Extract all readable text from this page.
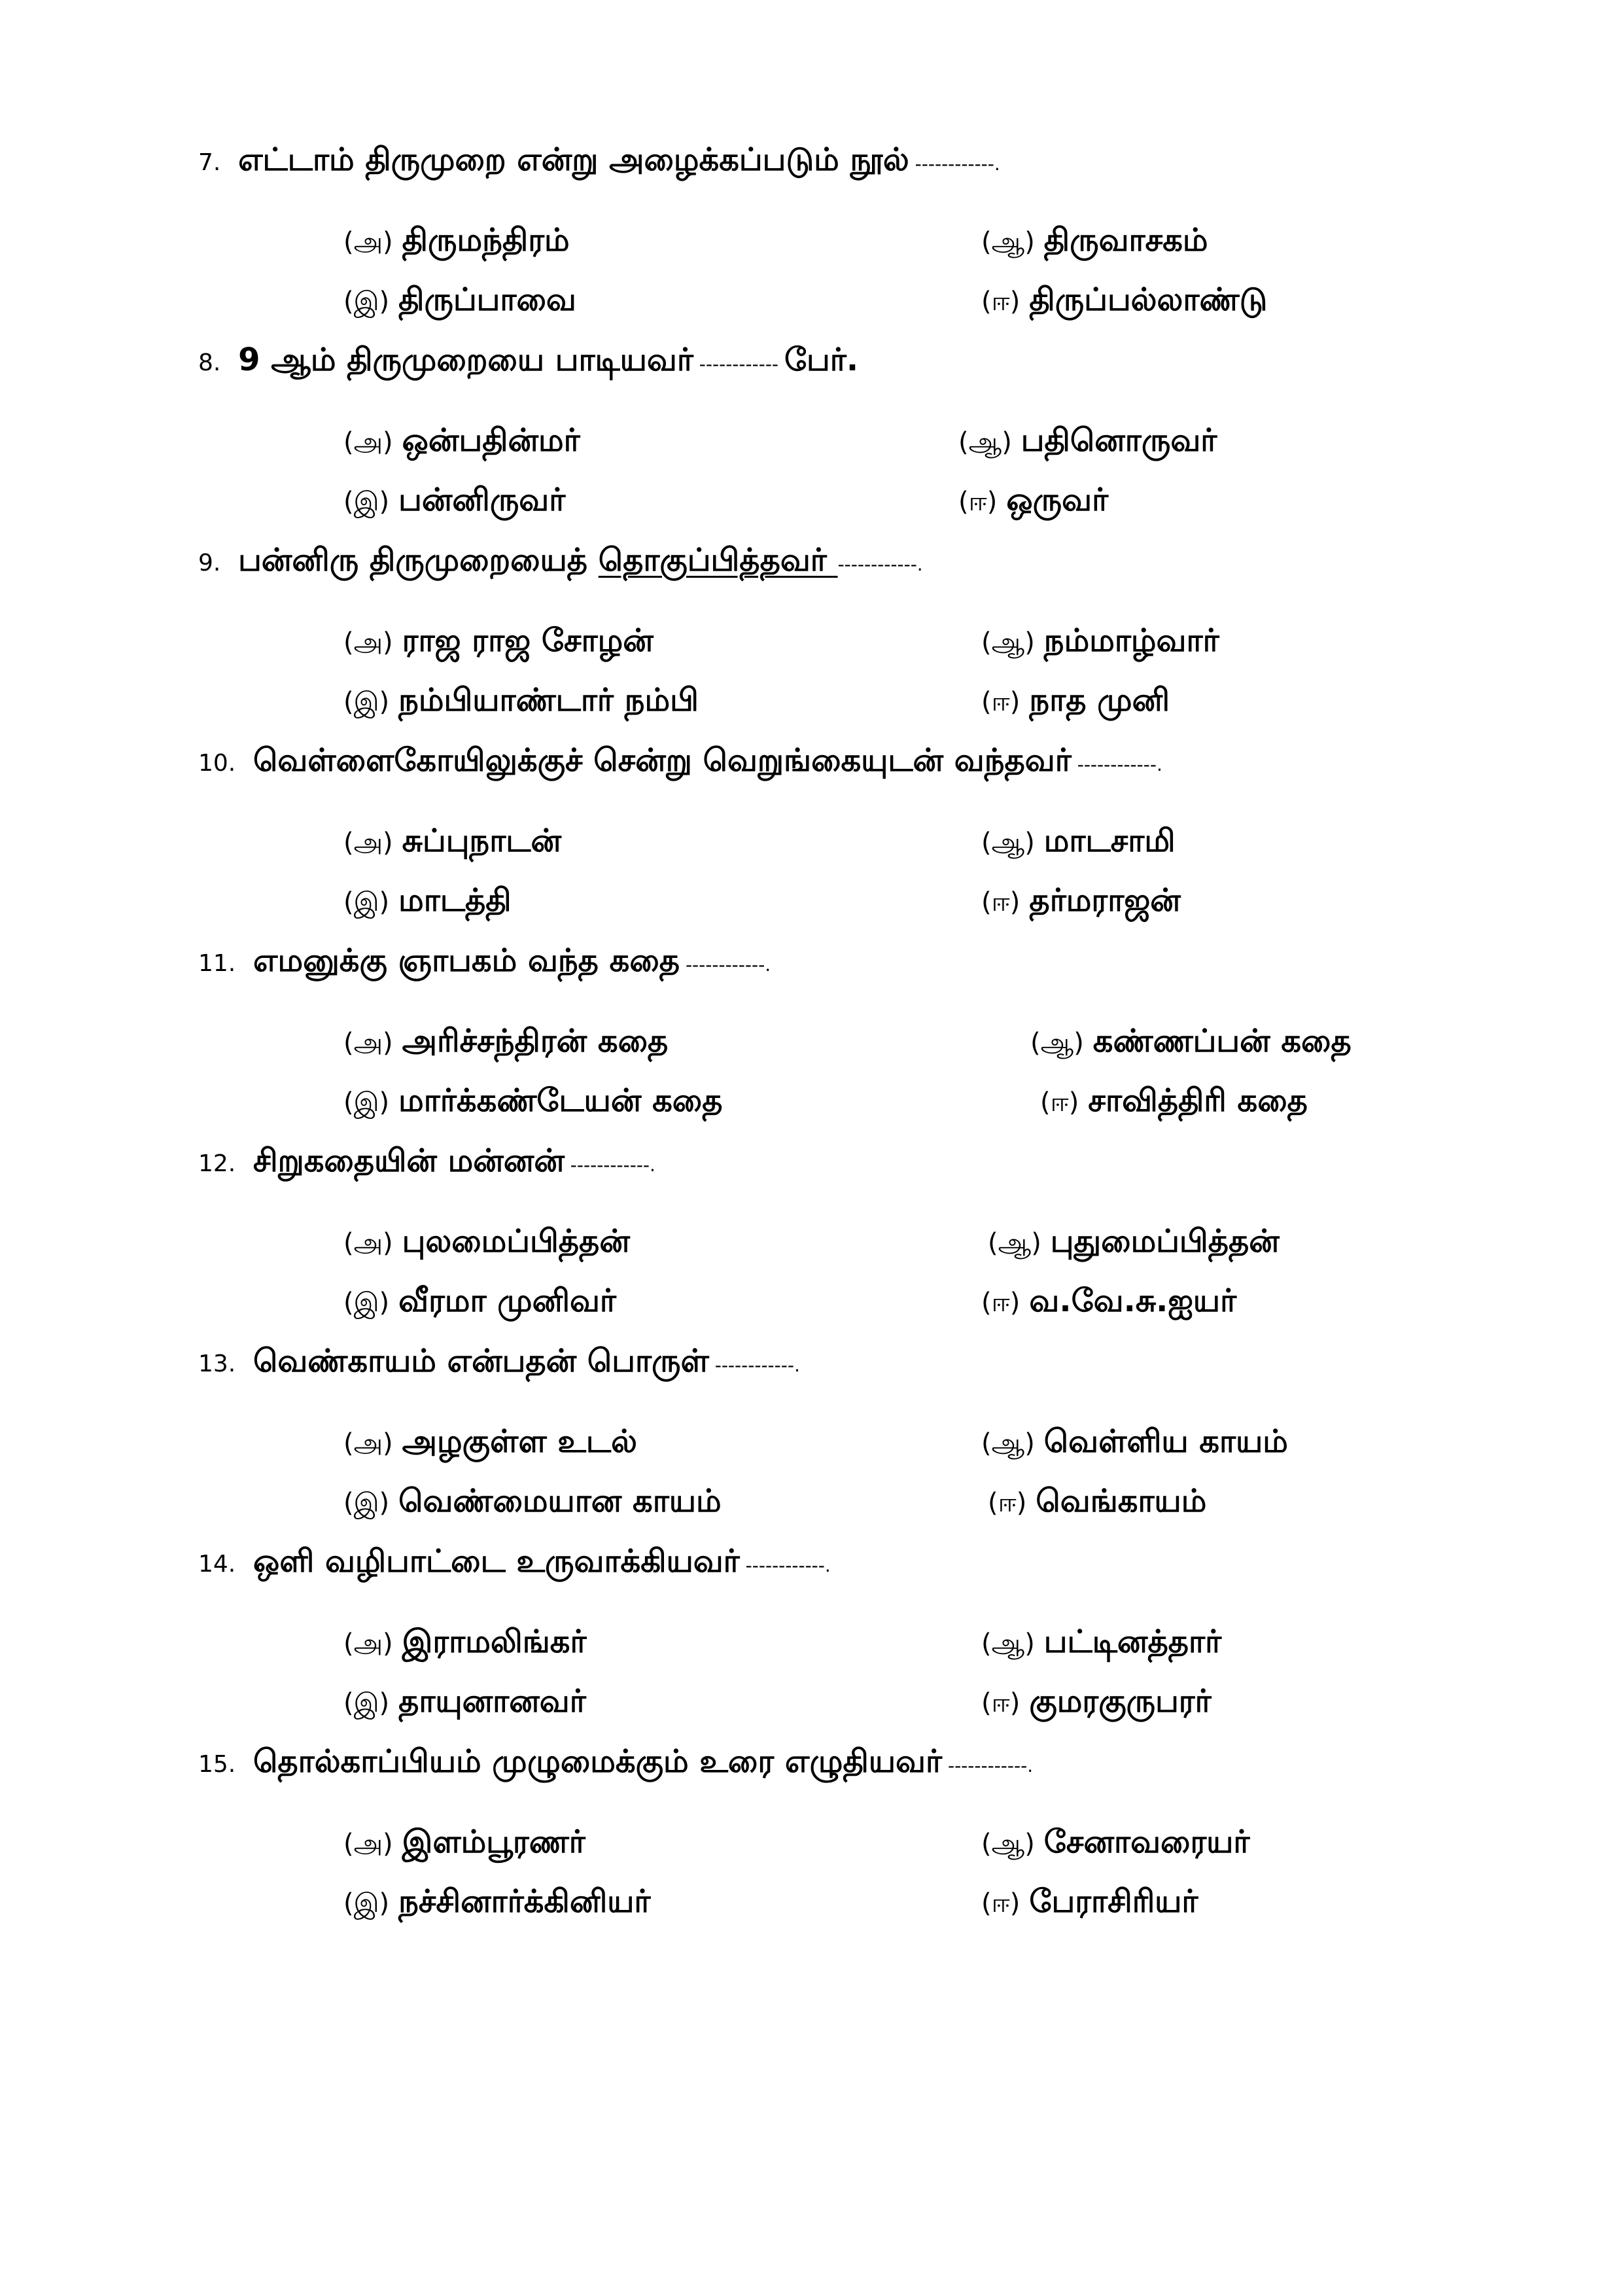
7. எட்டாம் திருமுறை என்று அழைக்கப்படும் நூல் ------------.
(அ) திருமந்திரம்	(ஆ) திருவாசகம்
(இ) திருப்பாவை	(ஈ) திருப்பல்லாண்டு
8. 9 ஆம் திருமுறையை பாடியவர் ------------ பேர்.
(அ) ஒன்பதின்மர்	(ஆ) பதினொருவர்
(இ) பன்னிருவர்	(ஈ) ஒருவர்
9. பன்னிரு திருமுறையைத் தொகுப்பித்தவர் ------------.
(அ) ராஜ ராஜ சோழன்	(ஆ) நம்மாழ்வார்
(இ) நம்பியாண்டார் நம்பி	(ஈ) நாத முனி
10. வெள்ளைகோயிலுக்குச் சென்று வெறுங்கையுடன் வந்தவர் ------------.
(அ) சுப்புநாடன்	(ஆ) மாடசாமி
(இ) மாடத்தி	(ஈ) தர்மராஜன்
11. எமனுக்கு ஞாபகம் வந்த கதை ------------.
(அ) அரிச்சந்திரன் கதை	(ஆ) கண்ணப்பன் கதை
(இ) மார்க்கண்டேயன் கதை	(ஈ) சாவித்திரி கதை
12. சிறுகதையின் மன்னன் ------------.
(அ) புலமைப்பித்தன்	(ஆ) புதுமைப்பித்தன்
(இ) வீரமா முனிவர்	(ஈ) வ.வே.சு.ஐயர்
13. வெண்காயம் என்பதன் பொருள் ------------.
(அ) அழகுள்ள உடல்	(ஆ) வெள்ளிய காயம்
(இ) வெண்மையான காயம்	(ஈ) வெங்காயம்
14. ஒளி வழிபாட்டை உருவாக்கியவர் ------------.
(அ) இராமலிங்கர்	(ஆ) பட்டினத்தார்
(இ) தாயுனானவர்	(ஈ) குமரகுருபரர்
15. தொல்காப்பியம் முழுமைக்கும் உரை எழுதியவர் ------------.
(அ) இளம்பூரணர்	(ஆ) சேனாவரையர்
(இ) நச்சினார்க்கினியர்	(ஈ) பேராசிரியர்
